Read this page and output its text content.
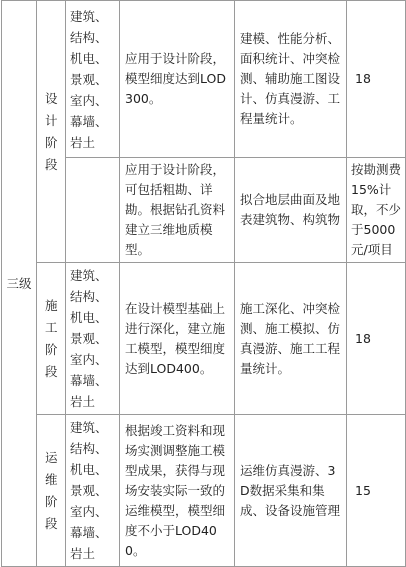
三级	设计阶段	建筑、结构、机电、景观、室内、幕墙、岩土	应用于设计阶段，模型细度达到LOD300。	建模、性能分析、面积统计、冲突检测、辅助施工图设计、仿真漫游、工程量统计。	18
			应用于设计阶段，可包括粗勘、详勘。根据钻孔资料建立三维地质模型。	拟合地层曲面及地表建筑物、构筑物	按勘测费15%计取，不少于5000元/项目
	施工阶段	建筑、结构、机电、景观、室内、幕墙、岩土	在设计模型基础上进行深化，建立施工模型，模型细度达到LOD400。	施工深化、冲突检测、施工模拟、仿真漫游、施工工程量统计。	18
	运维阶段	建筑、结构、机电、景观、室内、幕墙、岩土	根据竣工资料和现场实测调整施工模型成果，获得与现场安装实际一致的运维模型，模型细度不小于LOD400。	运维仿真漫游、3D数据采集和集成、设备设施管理	15
